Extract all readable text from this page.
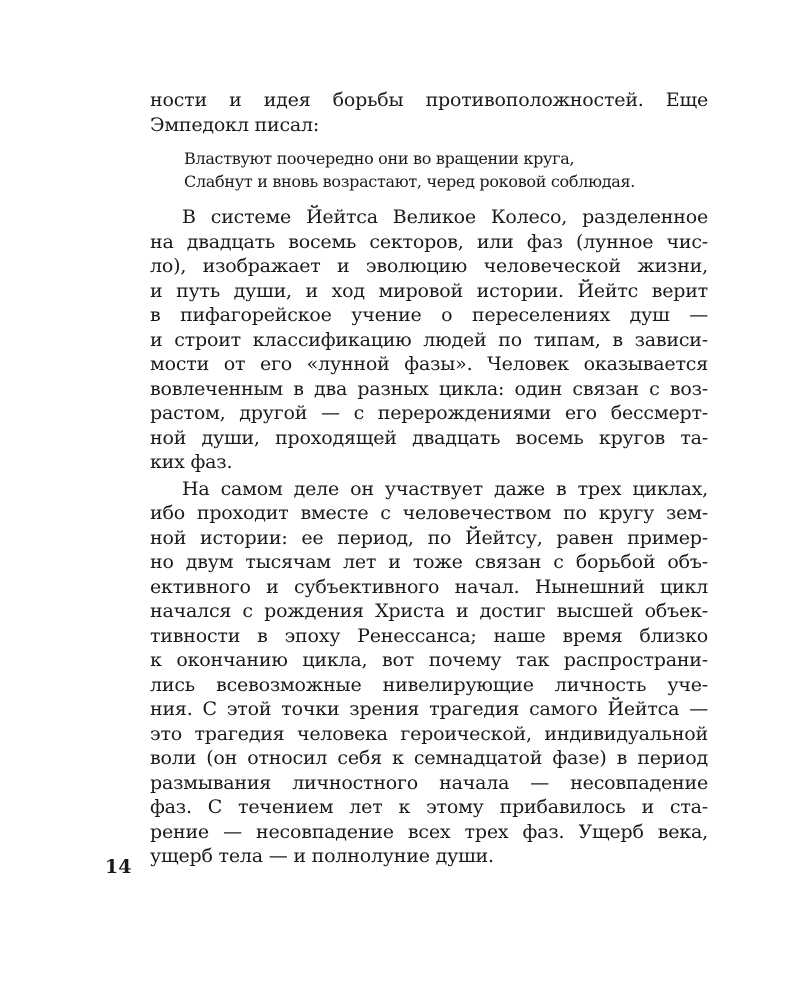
ности и идея борьбы противоположностей. Еще
Эмпедокл писал:
Властвуют поочередно они во вращении круга,
Слабнут и вновь возрастают, черед роковой соблюдая.
В системе Йейтса Великое Колесо, разделенное
на двадцать восемь секторов, или фаз (лунное чис-
ло), изображает и эволюцию человеческой жизни,
и путь души, и ход мировой истории. Йейтс верит
в пифагорейское учение о переселениях душ —
и строит классификацию людей по типам, в зависи-
мости от его «лунной фазы». Человек оказывается
вовлеченным в два разных цикла: один связан с воз-
растом, другой — с перерождениями его бессмерт-
ной души, проходящей двадцать восемь кругов та-
ких фаз.
На самом деле он участвует даже в трех циклах,
ибо проходит вместе с человечеством по кругу зем-
ной истории: ее период, по Йейтсу, равен пример-
но двум тысячам лет и тоже связан с борьбой объ-
ективного и субъективного начал. Нынешний цикл
начался с рождения Христа и достиг высшей объек-
тивности в эпоху Ренессанса; наше время близко
к окончанию цикла, вот почему так распространи-
лись всевозможные нивелирующие личность уче-
ния. С этой точки зрения трагедия самого Йейтса —
это трагедия человека героической, индивидуальной
воли (он относил себя к семнадцатой фазе) в период
размывания личностного начала — несовпадение
фаз. С течением лет к этому прибавилось и ста-
рение — несовпадение всех трех фаз. Ущерб века,
ущерб тела — и полнолуние души.
14
